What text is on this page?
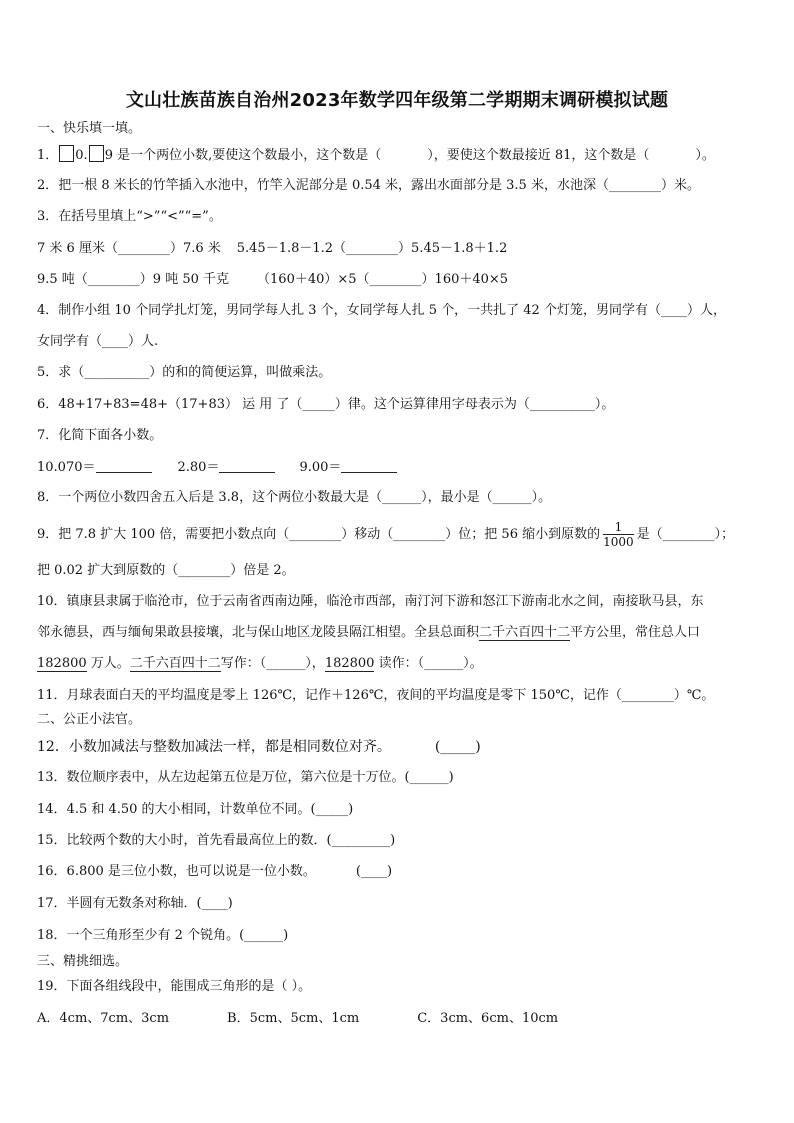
文山壮族苗族自治州2023年数学四年级第二学期期末调研模拟试题
一、快乐填一填。
1． 0. 9 是一个两位小数,要使这个数最小，这个数是（	），要使这个数最接近 81，这个数是（	）。
2．把一根 8 米长的竹竿插入水池中，竹竿入泥部分是 0.54 米，露出水面部分是 3.5 米，水池深（________）米。
3．在括号里填上“>”“<”“=”。
7 米 6 厘米（________）7.6 米 5.45－1.8－1.2（________）5.45－1.8＋1.2
9.5 吨（________）9 吨 50 千克 （160＋40）×5（________）160＋40×5
4．制作小组 10 个同学扎灯笼，男同学每人扎 3 个，女同学每人扎 5 个，一共扎了 42 个灯笼，男同学有（____）人，
女同学有（____）人.
5．求（__________）的和的简便运算，叫做乘法。
6．48+17+83=48+（17+83） 运 用 了（_____）律。这个运算律用字母表示为（__________）。
7．化简下面各小数。
10.070＝	2.80＝	9.00＝
8．一个两位小数四舍五入后是 3.8，这个两位小数最大是（______），最小是（______）。
9．把 7.8 扩大 100 倍，需要把小数点向（________）移动（________）位；把 56 缩小到原数的 $\frac{1}{1000}$ 是（________）；
把 0.02 扩大到原数的（________）倍是 2。
10．镇康县隶属于临沧市，位于云南省西南边陲，临沧市西部，南汀河下游和怒江下游南北水之间，南接耿马县，东
邻永德县，西与缅甸果敢县接壤，北与保山地区龙陵县隔江相望。全县总面积二千六百四十二平方公里，常住总人口
182800 万人。二千六百四十二写作：（______），182800 读作：（______）。
11．月球表面白天的平均温度是零上 126℃，记作＋126℃，夜间的平均温度是零下 150℃，记作（________）℃。
二、公正小法官。
12．小数加减法与整数加减法一样，都是相同数位对齐。	(_____)
13．数位顺序表中，从左边起第五位是万位，第六位是十万位。(______)
14．4.5 和 4.50 的大小相同，计数单位不同。(_____)
15．比较两个数的大小时，首先看最高位上的数．(_________)
16．6.800 是三位小数，也可以说是一位小数。	(____)
17．半圆有无数条对称轴．(____)
18．一个三角形至少有 2 个锐角。(______)
三、精挑细选。
19．下面各组线段中，能围成三角形的是（ ）。
A．4cm、7cm、3cm	B．5cm、5cm、1cm	C．3cm、6cm、10cm
